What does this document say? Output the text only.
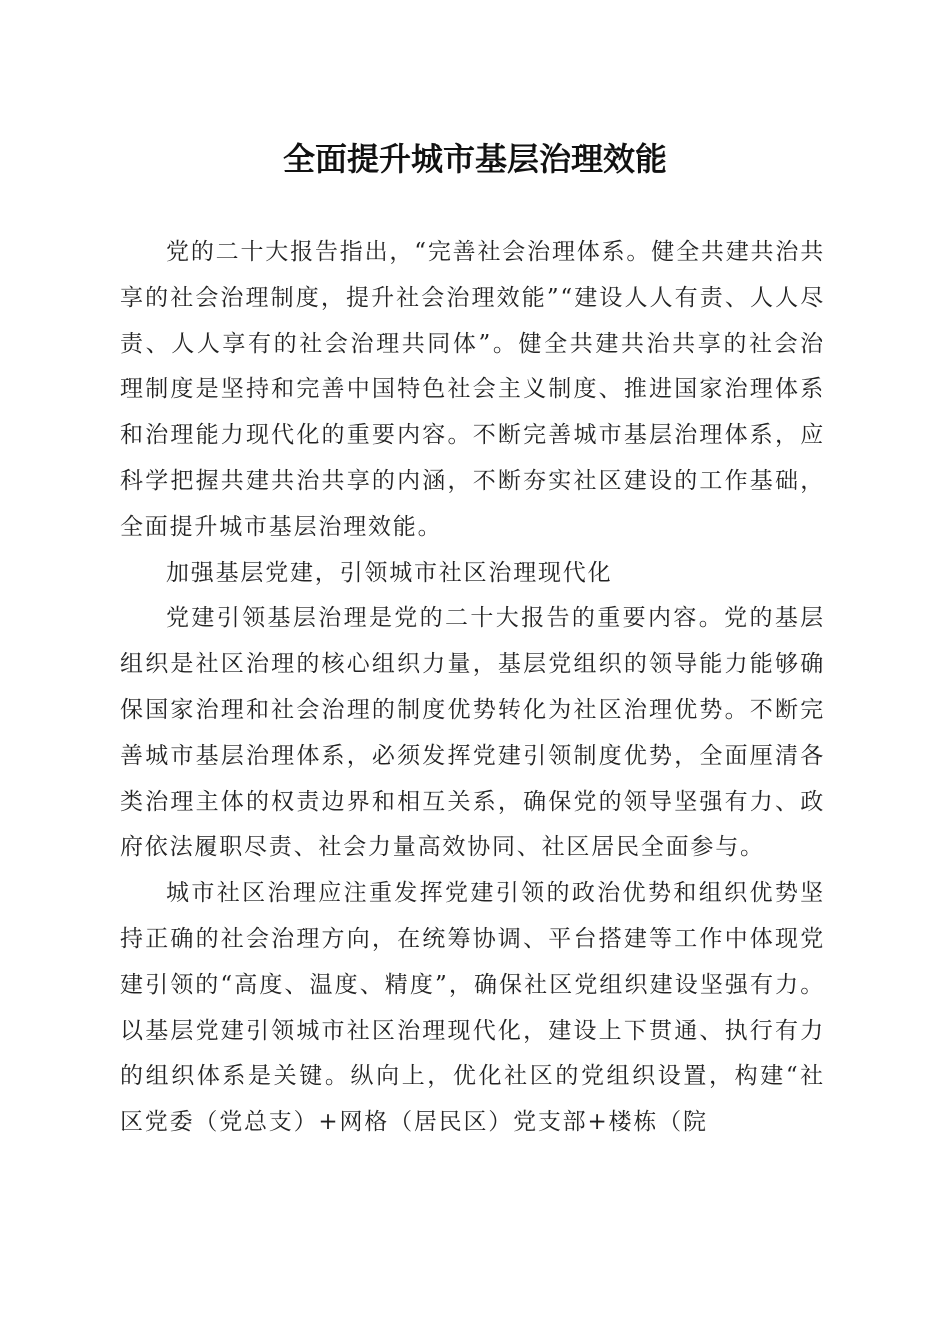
全面提升城市基层治理效能

党的二十大报告指出，“完善社会治理体系。健全共建共治共享的社会治理制度，提升社会治理效能”“建设人人有责、人人尽责、人人享有的社会治理共同体”。健全共建共治共享的社会治理制度是坚持和完善中国特色社会主义制度、推进国家治理体系和治理能力现代化的重要内容。不断完善城市基层治理体系，应科学把握共建共治共享的内涵，不断夯实社区建设的工作基础，全面提升城市基层治理效能。

加强基层党建，引领城市社区治理现代化

党建引领基层治理是党的二十大报告的重要内容。党的基层组织是社区治理的核心组织力量，基层党组织的领导能力能够确保国家治理和社会治理的制度优势转化为社区治理优势。不断完善城市基层治理体系，必须发挥党建引领制度优势，全面厘清各类治理主体的权责边界和相互关系，确保党的领导坚强有力、政府依法履职尽责、社会力量高效协同、社区居民全面参与。

城市社区治理应注重发挥党建引领的政治优势和组织优势坚持正确的社会治理方向，在统筹协调、平台搭建等工作中体现党建引领的“高度、温度、精度”，确保社区党组织建设坚强有力。以基层党建引领城市社区治理现代化，建设上下贯通、执行有力的组织体系是关键。纵向上，优化社区的党组织设置，构建“社区党委（党总支）+网格（居民区）党支部+楼栋（院
